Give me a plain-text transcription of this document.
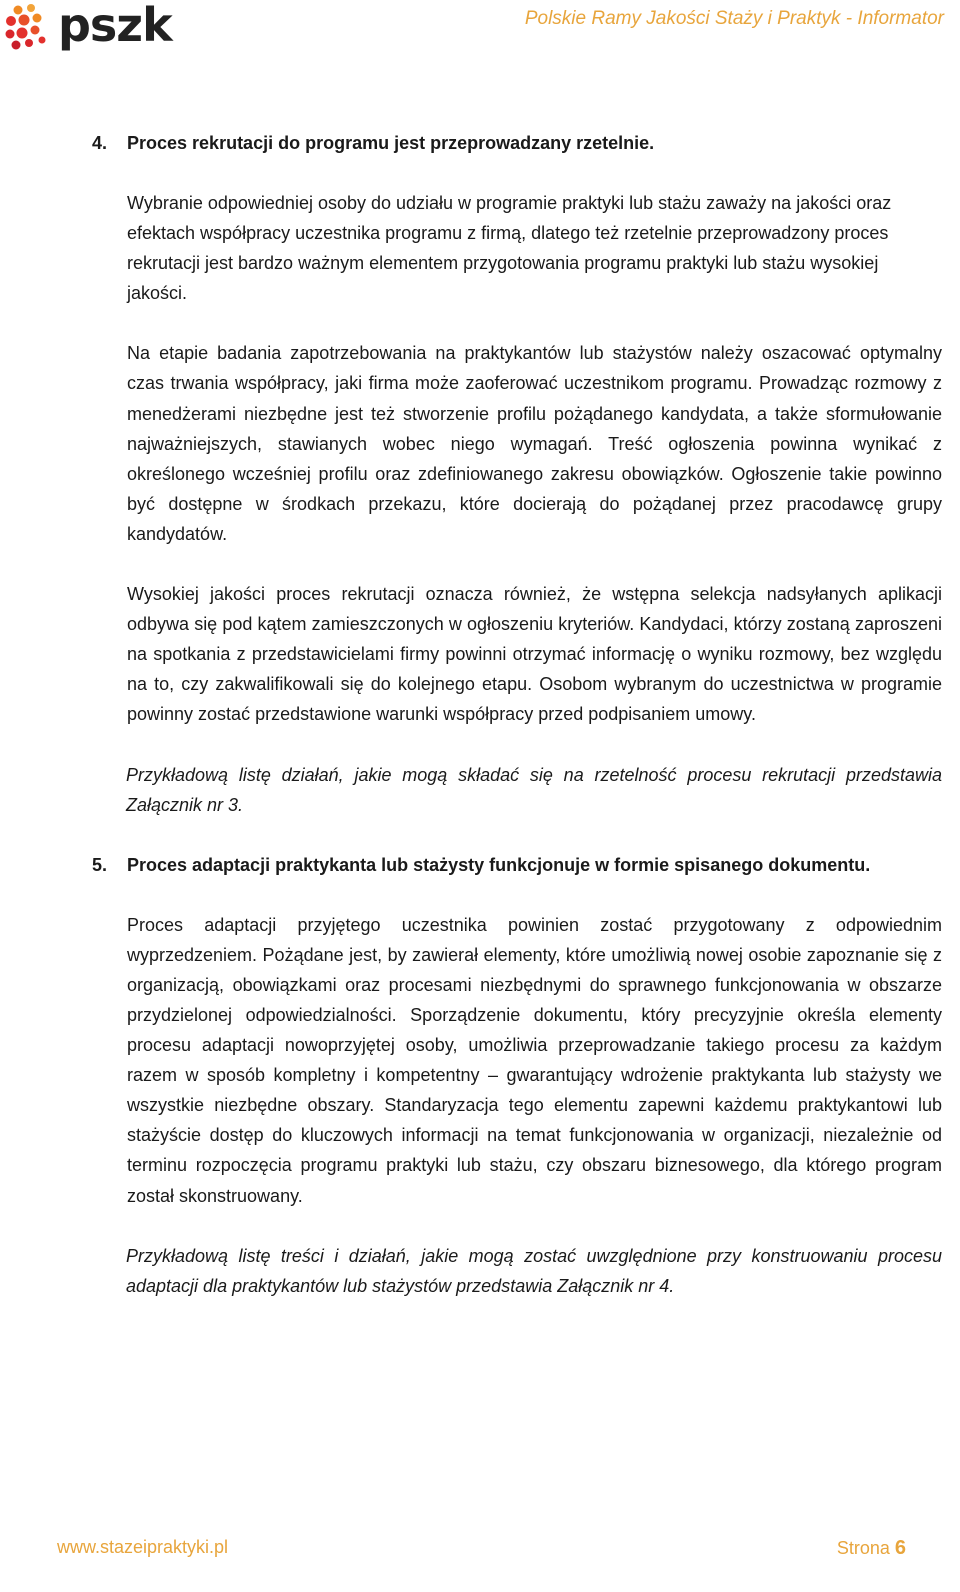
pszk	Polskie Ramy Jakości Staży i Praktyk - Informator
4. Proces rekrutacji do programu jest przeprowadzany rzetelnie.

Wybranie odpowiedniej osoby do udziału w programie praktyki lub stażu zaważy na jakości oraz efektach współpracy uczestnika programu z firmą, dlatego też rzetelnie przeprowadzony proces rekrutacji jest bardzo ważnym elementem przygotowania programu praktyki lub stażu wysokiej jakości.

Na etapie badania zapotrzebowania na praktykantów lub stażystów należy oszacować optymalny czas trwania współpracy, jaki firma może zaoferować uczestnikom programu. Prowadząc rozmowy z menedżerami niezbędne jest też stworzenie profilu pożądanego kandydata, a także sformułowanie najważniejszych, stawianych wobec niego wymagań. Treść ogłoszenia powinna wynikać z określonego wcześniej profilu oraz zdefiniowanego zakresu obowiązków. Ogłoszenie takie powinno być dostępne w środkach przekazu, które docierają do pożądanej przez pracodawcę grupy kandydatów.

Wysokiej jakości proces rekrutacji oznacza również, że wstępna selekcja nadsyłanych aplikacji odbywa się pod kątem zamieszczonych w ogłoszeniu kryteriów. Kandydaci, którzy zostaną zaproszeni na spotkania z przedstawicielami firmy powinni otrzymać informację o wyniku rozmowy, bez względu na to, czy zakwalifikowali się do kolejnego etapu. Osobom wybranym do uczestnictwa w programie powinny zostać przedstawione warunki współpracy przed podpisaniem umowy.

Przykładową listę działań, jakie mogą składać się na rzetelność procesu rekrutacji przedstawia Załącznik nr 3.

5. Proces adaptacji praktykanta lub stażysty funkcjonuje w formie spisanego dokumentu.

Proces adaptacji przyjętego uczestnika powinien zostać przygotowany z odpowiednim wyprzedzeniem. Pożądane jest, by zawierał elementy, które umożliwią nowej osobie zapoznanie się z organizacją, obowiązkami oraz procesami niezbędnymi do sprawnego funkcjonowania w obszarze przydzielonej odpowiedzialności. Sporządzenie dokumentu, który precyzyjnie określa elementy procesu adaptacji nowoprzyjętej osoby, umożliwia przeprowadzanie takiego procesu za każdym razem w sposób kompletny i kompetentny – gwarantujący wdrożenie praktykanta lub stażysty we wszystkie niezbędne obszary. Standaryzacja tego elementu zapewni każdemu praktykantowi lub stażyście dostęp do kluczowych informacji na temat funkcjonowania w organizacji, niezależnie od terminu rozpoczęcia programu praktyki lub stażu, czy obszaru biznesowego, dla którego program został skonstruowany.

Przykładową listę treści i działań, jakie mogą zostać uwzględnione przy konstruowaniu procesu adaptacji dla praktykantów lub stażystów przedstawia Załącznik nr 4.

www.stazeipraktyki.pl	Strona 6
